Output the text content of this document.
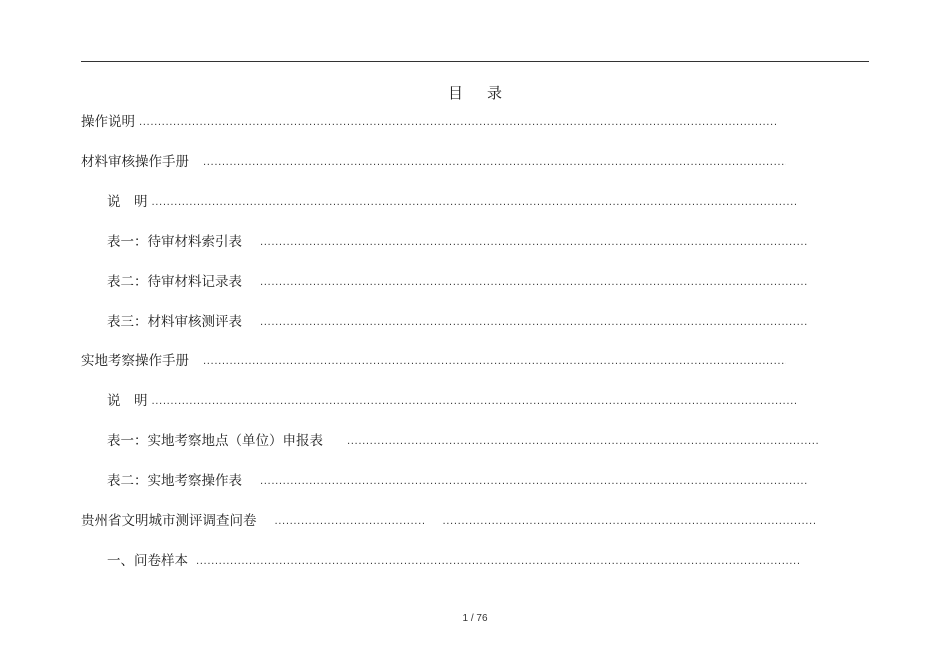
目 录
操作说明
.....
材料审核操作手册
.....
说　明
.....
表一：待审材料索引表
.....
表二：待审材料记录表
.....
表三：材料审核测评表
.....
实地考察操作手册
.....
说　明
.....
表一：实地考察地点（单位）申报表
.....
表二：实地考察操作表
.....
贵州省文明城市测评调查问卷
.....
.....
一、问卷样本
.....
1 / 76
